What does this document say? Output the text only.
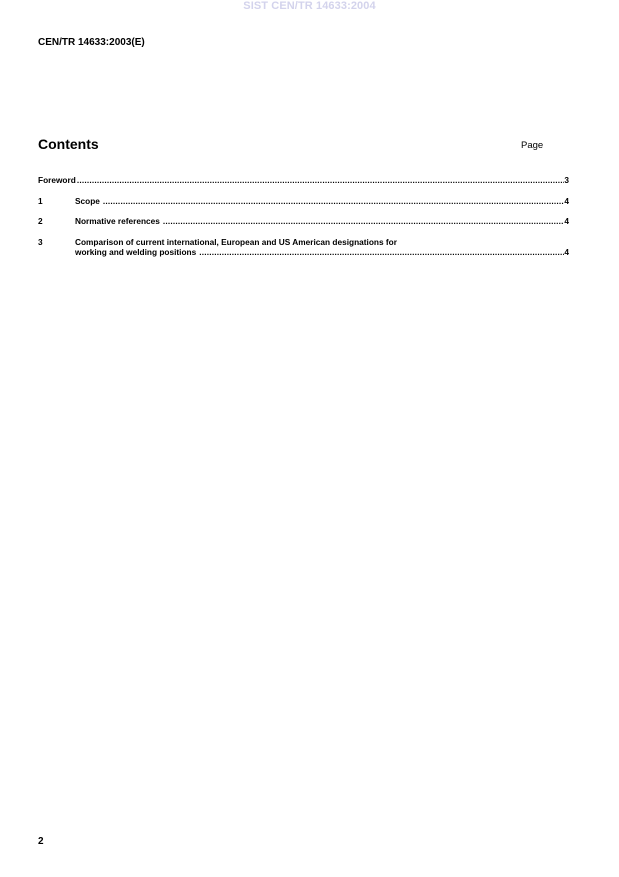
SIST CEN/TR 14633:2004
CEN/TR 14633:2003(E)
Contents	Page
Foreword .....	3
1	Scope .....	4
2	Normative references .....	4
3	Comparison of current international, European and US American designations for
working and welding positions .....	4
2
